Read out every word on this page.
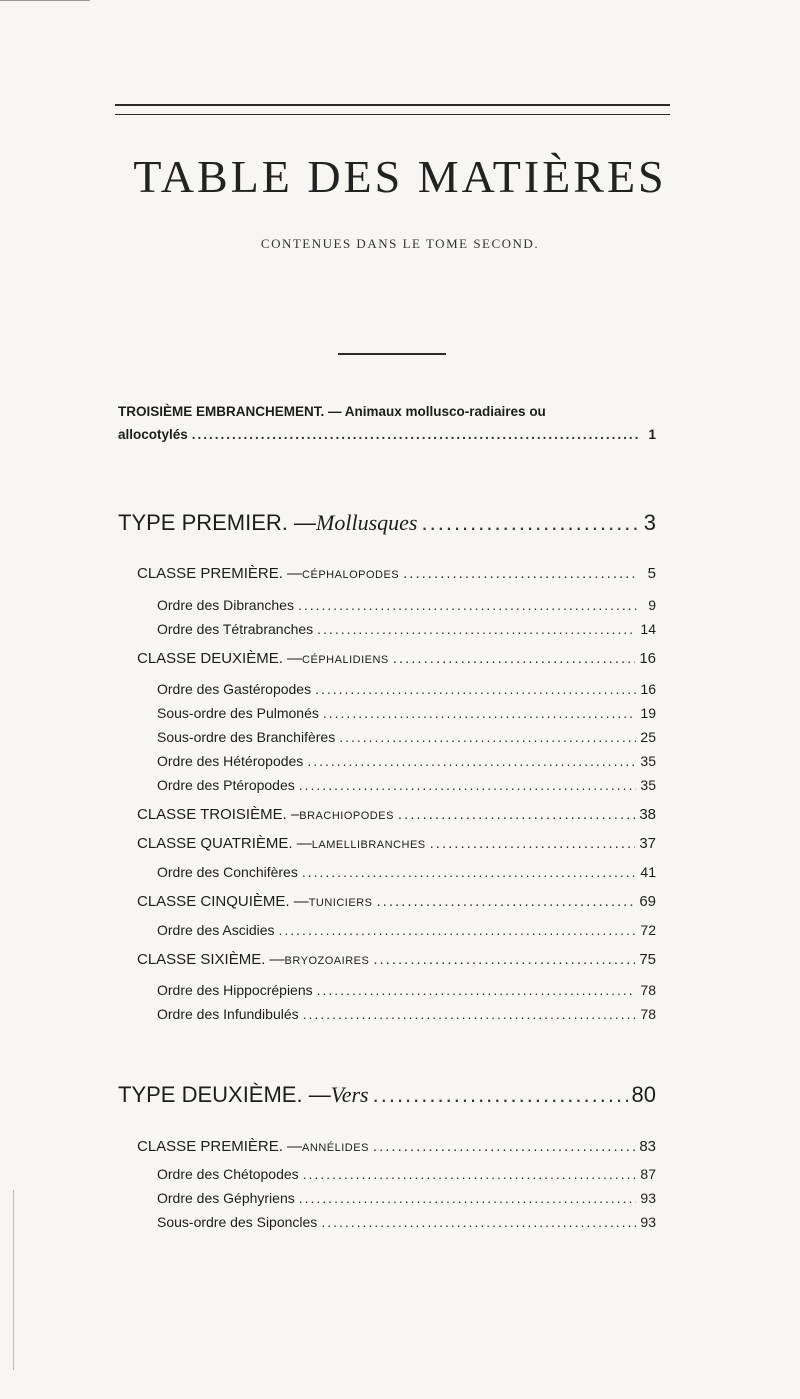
TABLE DES MATIÈRES
CONTENUES DANS LE TOME SECOND.
TROISIÈME EMBRANCHEMENT. — Animaux mollusco-radiaires ou
allocotylés .....	1
TYPE PREMIER. — Mollusques .....	3
CLASSE PREMIÈRE. — CÉPHALOPODES .....	5
Ordre des Dibranches .....	9
Ordre des Tétrabranches .....	14
CLASSE DEUXIÈME. — CÉPHALIDIENS .....	16
Ordre des Gastéropodes .....	16
Sous-ordre des Pulmonés .....	19
Sous-ordre des Branchifères .....	25
Ordre des Hétéropodes .....	35
Ordre des Ptéropodes .....	35
CLASSE TROISIÈME. – BRACHIOPODES .....	38
CLASSE QUATRIÈME. — LAMELLIBRANCHES .....	37
Ordre des Conchifères .....	41
CLASSE CINQUIÈME. — TUNICIERS .....	69
Ordre des Ascidies .....	72
CLASSE SIXIÈME. — BRYOZOAIRES .....	75
Ordre des Hippocrépiens .....	78
Ordre des Infundibulés .....	78
TYPE DEUXIÈME. — Vers .....	80
CLASSE PREMIÈRE. — ANNÉLIDES .....	83
Ordre des Chétopodes .....	87
Ordre des Géphyriens .....	93
Sous-ordre des Siponcles .....	93
